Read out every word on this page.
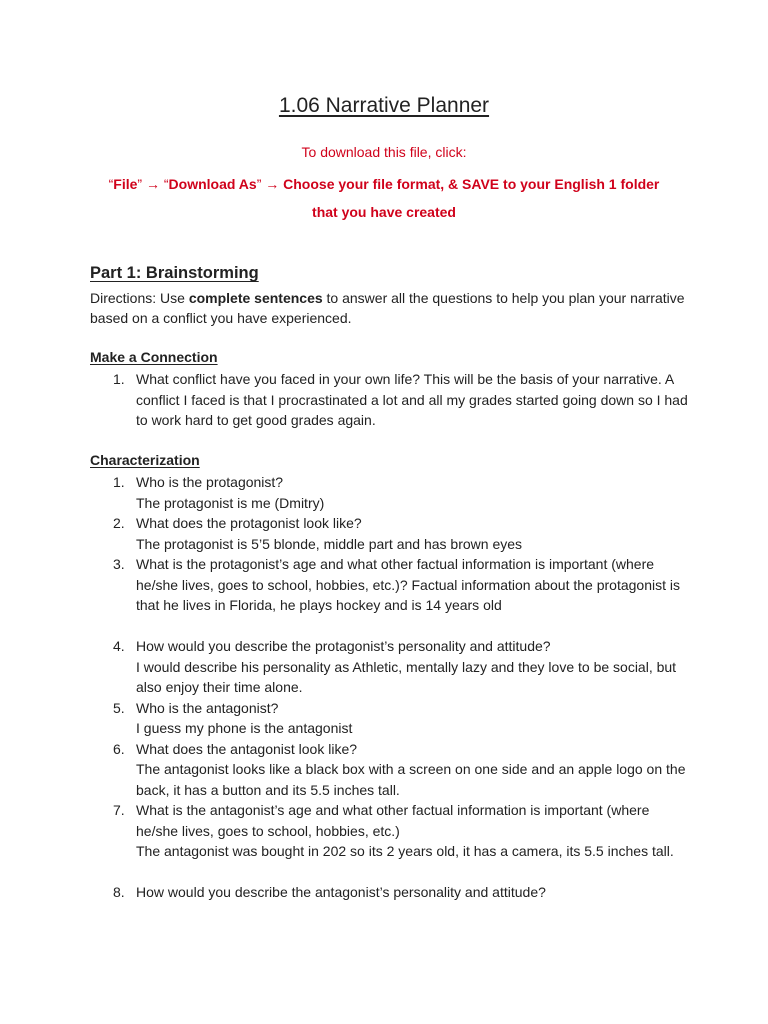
1.06 Narrative Planner
To download this file, click:
“File” → “Download As” → Choose your file format, & SAVE to your English 1 folder that you have created
Part 1: Brainstorming
Directions: Use complete sentences to answer all the questions to help you plan your narrative based on a conflict you have experienced.
Make a Connection
1. What conflict have you faced in your own life? This will be the basis of your narrative. A conflict I faced is that I procrastinated a lot and all my grades started going down so I had to work hard to get good grades again.
Characterization
1. Who is the protagonist?
The protagonist is me (Dmitry)
2. What does the protagonist look like?
The protagonist is 5’5 blonde, middle part and has brown eyes
3. What is the protagonist’s age and what other factual information is important (where he/she lives, goes to school, hobbies, etc.)? Factual information about the protagonist is that he lives in Florida, he plays hockey and is 14 years old
4. How would you describe the protagonist’s personality and attitude?
I would describe his personality as Athletic, mentally lazy and they love to be social, but also enjoy their time alone.
5. Who is the antagonist?
I guess my phone is the antagonist
6. What does the antagonist look like?
The antagonist looks like a black box with a screen on one side and an apple logo on the back, it has a button and its 5.5 inches tall.
7. What is the antagonist’s age and what other factual information is important (where he/she lives, goes to school, hobbies, etc.)
The antagonist was bought in 202 so its 2 years old, it has a camera, its 5.5 inches tall.
8. How would you describe the antagonist’s personality and attitude?
